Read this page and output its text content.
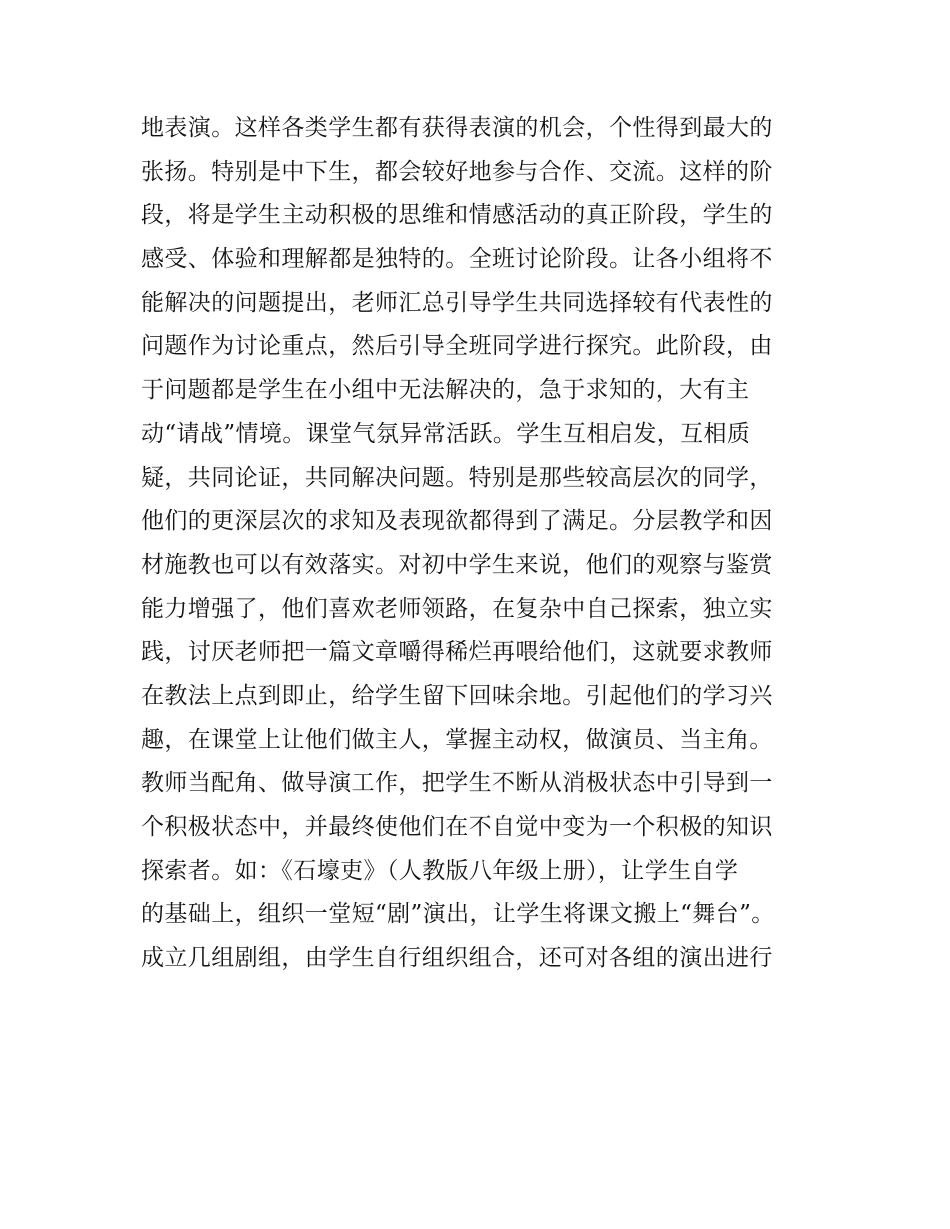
地表演。这样各类学生都有获得表演的机会，个性得到最大的
张扬。特别是中下生，都会较好地参与合作、交流。这样的阶
段，将是学生主动积极的思维和情感活动的真正阶段，学生的
感受、体验和理解都是独特的。全班讨论阶段。让各小组将不
能解决的问题提出，老师汇总引导学生共同选择较有代表性的
问题作为讨论重点，然后引导全班同学进行探究。此阶段，由
于问题都是学生在小组中无法解决的，急于求知的，大有主
动“请战”情境。课堂气氛异常活跃。学生互相启发，互相质
疑，共同论证，共同解决问题。特别是那些较高层次的同学，
他们的更深层次的求知及表现欲都得到了满足。分层教学和因
材施教也可以有效落实。对初中学生来说，他们的观察与鉴赏
能力增强了，他们喜欢老师领路，在复杂中自己探索，独立实
践，讨厌老师把一篇文章嚼得稀烂再喂给他们，这就要求教师
在教法上点到即止，给学生留下回味余地。引起他们的学习兴
趣，在课堂上让他们做主人，掌握主动权，做演员、当主角。
教师当配角、做导演工作，把学生不断从消极状态中引导到一
个积极状态中，并最终使他们在不自觉中变为一个积极的知识
探索者。如：《石壕吏》（人教版八年级上册），让学生自学
的基础上，组织一堂短“剧”演出，让学生将课文搬上“舞台”。
成立几组剧组，由学生自行组织组合，还可对各组的演出进行
